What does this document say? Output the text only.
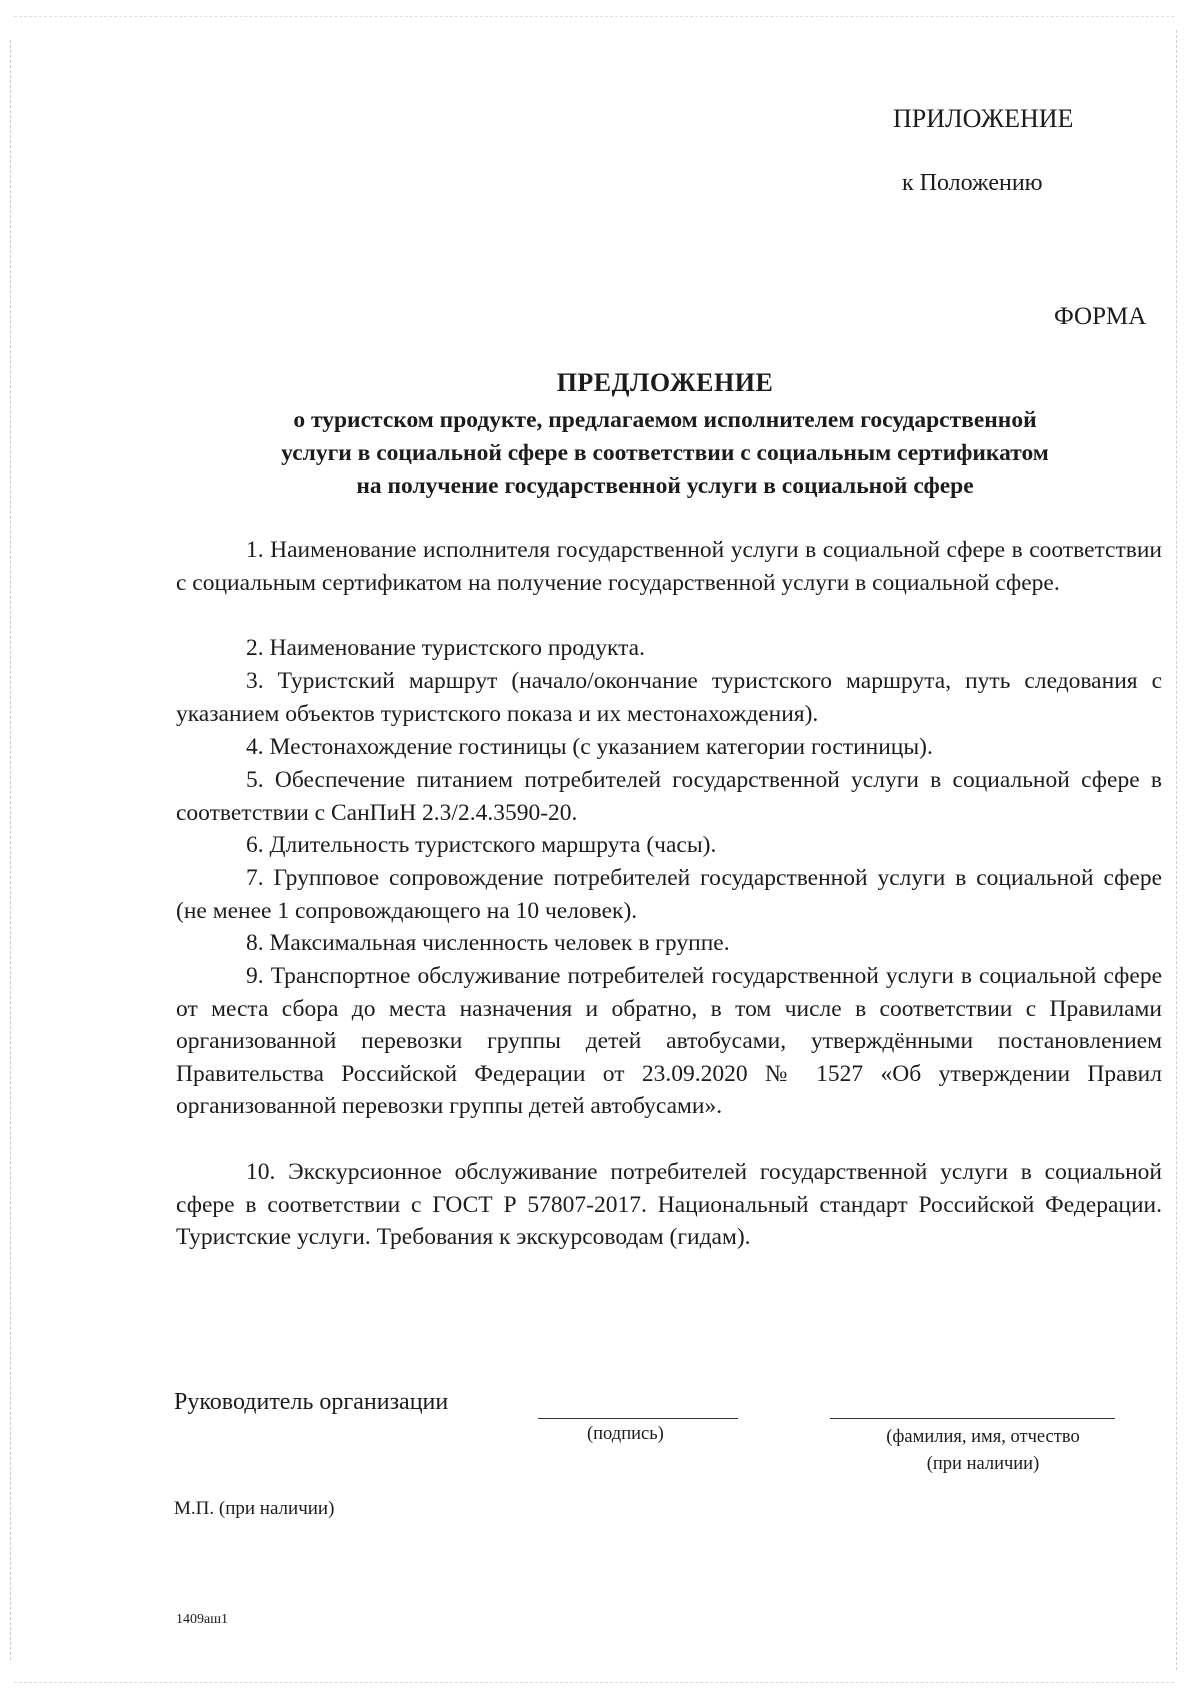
ПРИЛОЖЕНИЕ
к Положению
ФОРМА
ПРЕДЛОЖЕНИЕ
о туристском продукте, предлагаемом исполнителем государственной
услуги в социальной сфере в соответствии с социальным сертификатом
на получение государственной услуги в социальной сфере
1. Наименование исполнителя государственной услуги в социальной сфере в соответствии с социальным сертификатом на получение государственной услуги в социальной сфере.
2. Наименование туристского продукта.
3. Туристский маршрут (начало/окончание туристского маршрута, путь следования с указанием объектов туристского показа и их местонахождения).
4. Местонахождение гостиницы (с указанием категории гостиницы).
5. Обеспечение питанием потребителей государственной услуги в социальной сфере в соответствии с СанПиН 2.3/2.4.3590-20.
6. Длительность туристского маршрута (часы).
7. Групповое сопровождение потребителей государственной услуги в социальной сфере (не менее 1 сопровождающего на 10 человек).
8. Максимальная численность человек в группе.
9. Транспортное обслуживание потребителей государственной услуги в социальной сфере от места сбора до места назначения и обратно, в том числе в соответствии с Правилами организованной перевозки группы детей автобусами, утверждёнными постановлением Правительства Российской Федерации от 23.09.2020 № 1527 «Об утверждении Правил организованной перевозки группы детей автобусами».
10. Экскурсионное обслуживание потребителей государственной услуги в социальной сфере в соответствии с ГОСТ Р 57807-2017. Национальный стандарт Российской Федерации. Туристские услуги. Требования к экскурсоводам (гидам).
Руководитель организации
(подпись)	(фамилия, имя, отчество
(при наличии)
М.П. (при наличии)
1409аш1
